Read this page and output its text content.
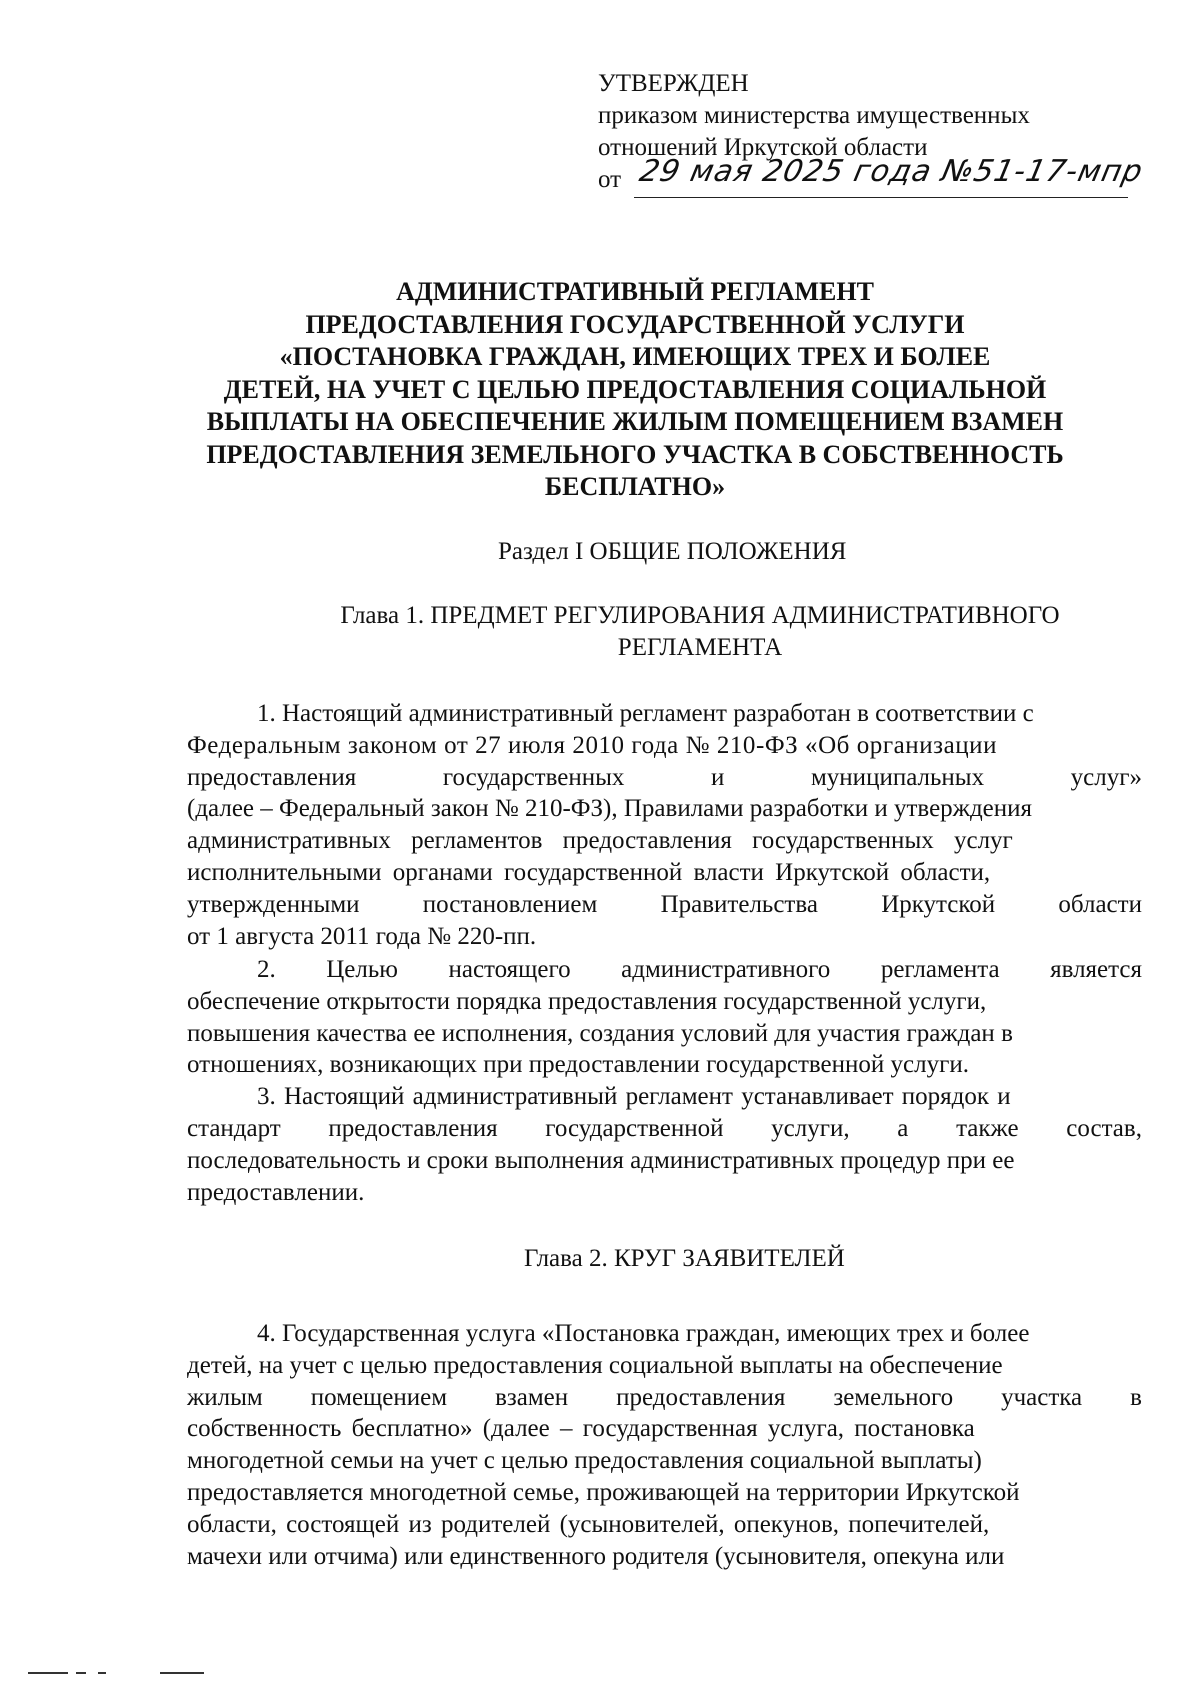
УТВЕРЖДЕН
приказом министерства имущественных
отношений Иркутской области
от 29 мая 2025 года №51-17-мпр
АДМИНИСТРАТИВНЫЙ РЕГЛАМЕНТ
ПРЕДОСТАВЛЕНИЯ ГОСУДАРСТВЕННОЙ УСЛУГИ
«ПОСТАНОВКА ГРАЖДАН, ИМЕЮЩИХ ТРЕХ И БОЛЕЕ
ДЕТЕЙ, НА УЧЕТ С ЦЕЛЬЮ ПРЕДОСТАВЛЕНИЯ СОЦИАЛЬНОЙ
ВЫПЛАТЫ НА ОБЕСПЕЧЕНИЕ ЖИЛЫМ ПОМЕЩЕНИЕМ ВЗАМЕН
ПРЕДОСТАВЛЕНИЯ ЗЕМЕЛЬНОГО УЧАСТКА В СОБСТВЕННОСТЬ
БЕСПЛАТНО»
Раздел I ОБЩИЕ ПОЛОЖЕНИЯ
Глава 1. ПРЕДМЕТ РЕГУЛИРОВАНИЯ АДМИНИСТРАТИВНОГО
РЕГЛАМЕНТА
1. Настоящий административный регламент разработан в соответствии с
Федеральным законом от 27 июля 2010 года № 210-ФЗ «Об организации
предоставления	государственных	и	муниципальных	услуг»
(далее – Федеральный закон № 210-ФЗ), Правилами разработки и утверждения
административных регламентов предоставления государственных услуг
исполнительными органами государственной власти Иркутской области,
утвержденными	постановлением	Правительства	Иркутской	области
от 1 августа 2011 года № 220-пп.
2. Целью настоящего административного регламента является
обеспечение открытости порядка предоставления государственной услуги,
повышения качества ее исполнения, создания условий для участия граждан в
отношениях, возникающих при предоставлении государственной услуги.
3. Настоящий административный регламент устанавливает порядок и
стандарт предоставления государственной услуги, а также состав,
последовательность и сроки выполнения административных процедур при ее
предоставлении.
Глава 2. КРУГ ЗАЯВИТЕЛЕЙ
4. Государственная услуга «Постановка граждан, имеющих трех и более
детей, на учет с целью предоставления социальной выплаты на обеспечение
жилым помещением взамен предоставления земельного участка в
собственность бесплатно» (далее – государственная услуга, постановка
многодетной семьи на учет с целью предоставления социальной выплаты)
предоставляется многодетной семье, проживающей на территории Иркутской
области, состоящей из родителей (усыновителей, опекунов, попечителей,
мачехи или отчима) или единственного родителя (усыновителя, опекуна или
